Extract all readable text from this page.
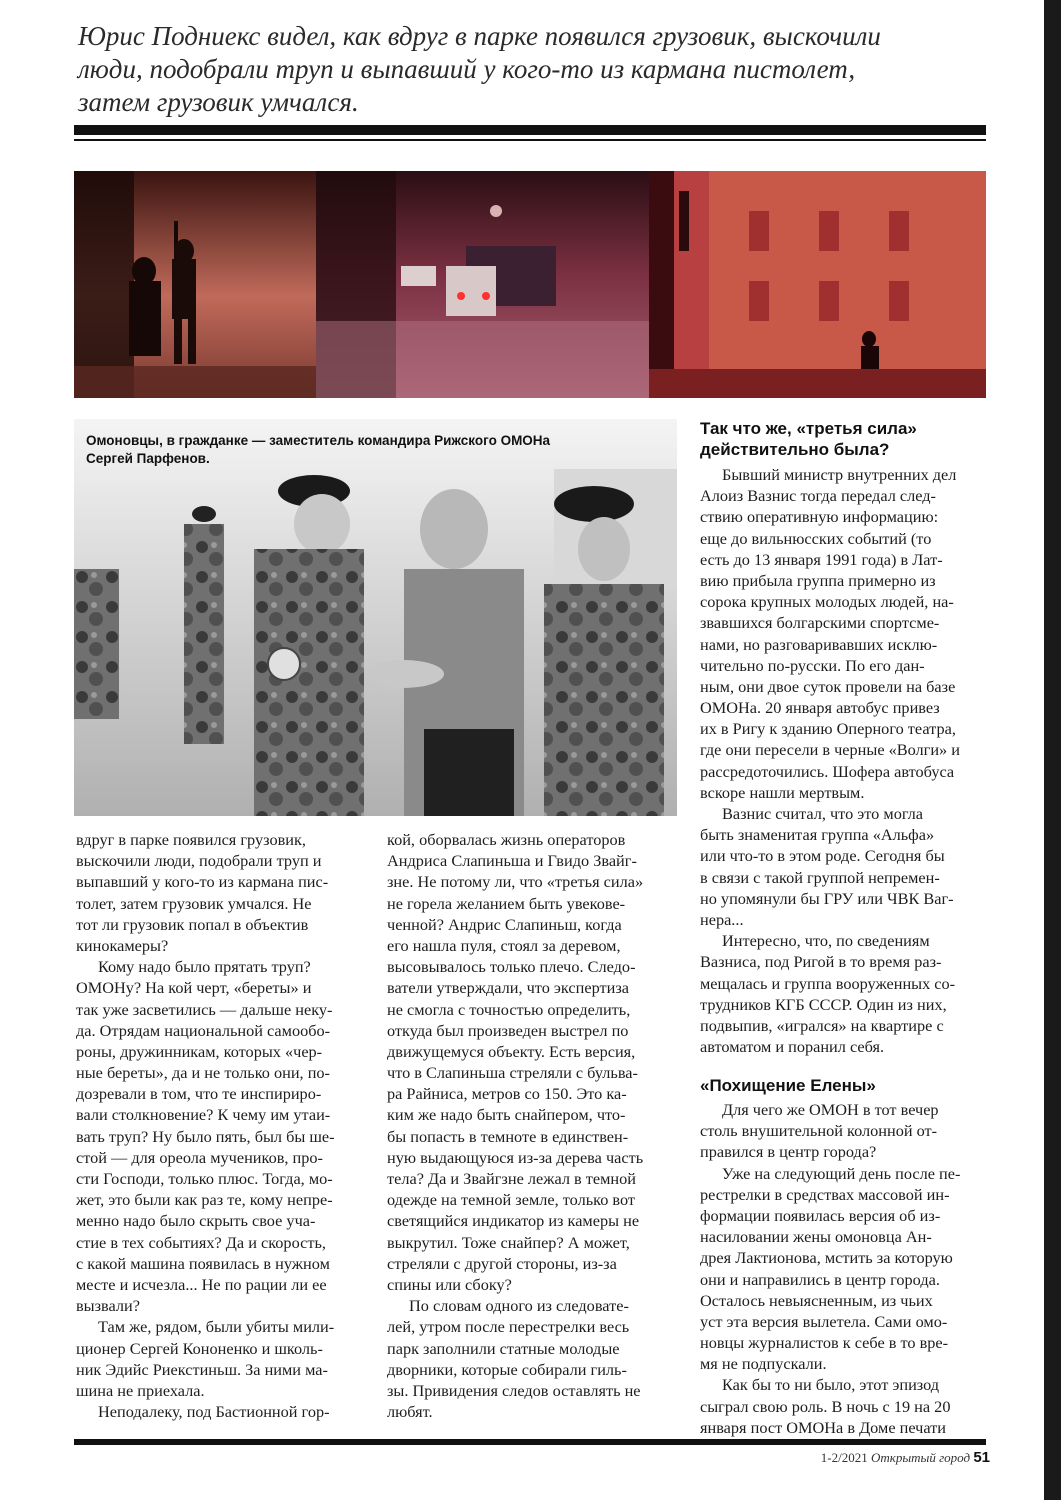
Юрис Подниекс видел, как вдруг в парке появился грузовик, выскочили
люди, подобрали труп и выпавший у кого-то из кармана пистолет,
затем грузовик умчался.
Омоновцы, в гражданке — заместитель командира Рижского ОМОНа
Сергей Парфенов.
вдруг в парке появился грузовик,
выскочили люди, подобрали труп и
выпавший у кого-то из кармана пис-
толет, затем грузовик умчался. Не
тот ли грузовик попал в объектив
кинокамеры?
Кому надо было прятать труп?
ОМОНу? На кой черт, «береты» и
так уже засветились — дальше неку-
да. Отрядам национальной самообо-
роны, дружинникам, которых «чер-
ные береты», да и не только они, по-
дозревали в том, что те инспириро-
вали столкновение? К чему им утаи-
вать труп? Ну было пять, был бы ше-
стой — для ореола мучеников, про-
сти Господи, только плюс. Тогда, мо-
жет, это были как раз те, кому непре-
менно надо было скрыть свое уча-
стие в тех событиях? Да и скорость,
с какой машина появилась в нужном
месте и исчезла... Не по рации ли ее
вызвали?
Там же, рядом, были убиты мили-
ционер Сергей Кононенко и школь-
ник Эдийс Риекстиньш. За ними ма-
шина не приехала.
Неподалеку, под Бастионной гор-
кой, оборвалась жизнь операторов
Андриса Слапиньша и Гвидо Звайг-
зне. Не потому ли, что «третья сила»
не горела желанием быть увекове-
ченной? Андрис Слапиньш, когда
его нашла пуля, стоял за деревом,
высовывалось только плечо. Следо-
ватели утверждали, что экспертиза
не смогла с точностью определить,
откуда был произведен выстрел по
движущемуся объекту. Есть версия,
что в Слапиньша стреляли с бульва-
ра Райниса, метров со 150. Это ка-
ким же надо быть снайпером, что-
бы попасть в темноте в единствен-
ную выдающуюся из-за дерева часть
тела? Да и Звайгзне лежал в темной
одежде на темной земле, только вот
светящийся индикатор из камеры не
выкрутил. Тоже снайпер? А может,
стреляли с другой стороны, из-за
спины или сбоку?
По словам одного из следовате-
лей, утром после перестрелки весь
парк заполнили статные молодые
дворники, которые собирали гиль-
зы. Привидения следов оставлять не
любят.
Так что же, «третья сила»
действительно была?
Бывший министр внутренних дел
Алоиз Вазнис тогда передал след-
ствию оперативную информацию:
еще до вильнюсских событий (то
есть до 13 января 1991 года) в Лат-
вию прибыла группа примерно из
сорока крупных молодых людей, на-
звавшихся болгарскими спортсме-
нами, но разговаривавших исклю-
чительно по-русски. По его дан-
ным, они двое суток провели на базе
ОМОНа. 20 января автобус привез
их в Ригу к зданию Оперного театра,
где они пересели в черные «Волги» и
рассредоточились. Шофера автобуса
вскоре нашли мертвым.
Вазнис считал, что это могла
быть знаменитая группа «Альфа»
или что-то в этом роде. Сегодня бы
в связи с такой группой непремен-
но упомянули бы ГРУ или ЧВК Ваг-
нера...
Интересно, что, по сведениям
Вазниса, под Ригой в то время раз-
мещалась и группа вооруженных со-
трудников КГБ СССР. Один из них,
подвыпив, «игрался» на квартире с
автоматом и поранил себя.
«Похищение Елены»
Для чего же ОМОН в тот вечер
столь внушительной колонной от-
правился в центр города?
Уже на следующий день после пе-
рестрелки в средствах массовой ин-
формации появилась версия об из-
насиловании жены омоновца Ан-
дрея Лактионова, мстить за которую
они и направились в центр города.
Осталось невыясненным, из чьих
уст эта версия вылетела. Сами омо-
новцы журналистов к себе в то вре-
мя не подпускали.
Как бы то ни было, этот эпизод
сыграл свою роль. В ночь с 19 на 20
января пост ОМОНа в Доме печати
1-2/2021 Открытый город 51
